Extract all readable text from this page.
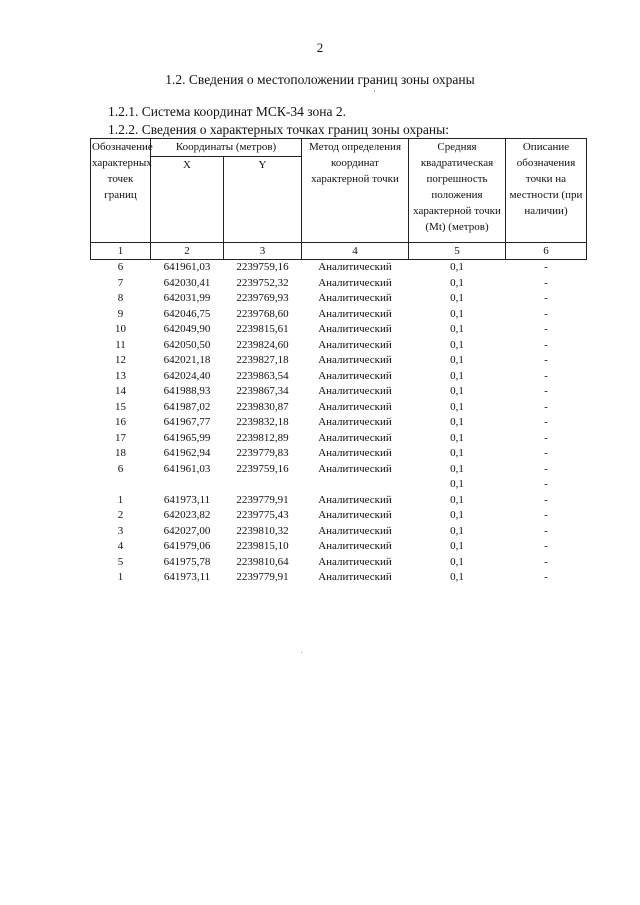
2
1.2. Сведения о местоположении границ зоны охраны
1.2.1. Система координат МСК-34 зона 2.
1.2.2. Сведения о характерных точках границ зоны охраны:
Обозначение характерных точек границ	Координаты (метров)		Метод определения координат характерной точки	Средняя квадратическая погрешность положения характерной точки (Mt) (метров)	Описание обозначения точки на местности (при наличии)
	X	Y			
1	2	3	4	5	6
6	641961,03	2239759,16	Аналитический	0,1	-
7	642030,41	2239752,32	Аналитический	0,1	-
8	642031,99	2239769,93	Аналитический	0,1	-
9	642046,75	2239768,60	Аналитический	0,1	-
10	642049,90	2239815,61	Аналитический	0,1	-
11	642050,50	2239824,60	Аналитический	0,1	-
12	642021,18	2239827,18	Аналитический	0,1	-
13	642024,40	2239863,54	Аналитический	0,1	-
14	641988,93	2239867,34	Аналитический	0,1	-
15	641987,02	2239830,87	Аналитический	0,1	-
16	641967,77	2239832,18	Аналитический	0,1	-
17	641965,99	2239812,89	Аналитический	0,1	-
18	641962,94	2239779,83	Аналитический	0,1	-
6	641961,03	2239759,16	Аналитический	0,1	-
				0,1	-
1	641973,11	2239779,91	Аналитический	0,1	-
2	642023,82	2239775,43	Аналитический	0,1	-
3	642027,00	2239810,32	Аналитический	0,1	-
4	641979,06	2239815,10	Аналитический	0,1	-
5	641975,78	2239810,64	Аналитический	0,1	-
1	641973,11	2239779,91	Аналитический	0,1	-
